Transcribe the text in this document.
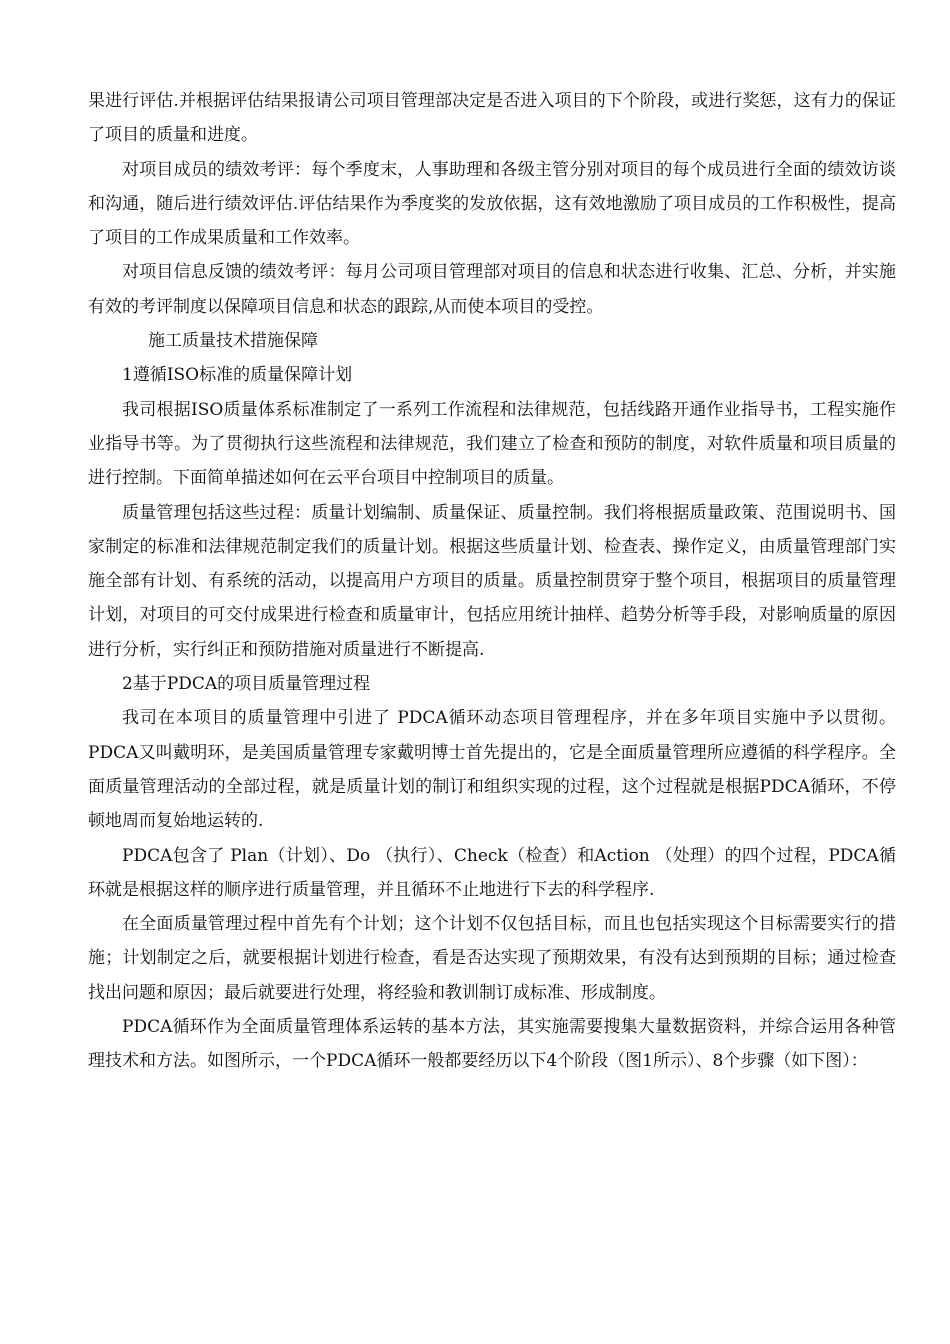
果进行评估.并根据评估结果报请公司项目管理部决定是否进入项目的下个阶段，或进行奖惩，这有力的保证了项目的质量和进度。

对项目成员的绩效考评：每个季度末，人事助理和各级主管分别对项目的每个成员进行全面的绩效访谈和沟通，随后进行绩效评估.评估结果作为季度奖的发放依据，这有效地激励了项目成员的工作积极性，提高了项目的工作成果质量和工作效率。

对项目信息反馈的绩效考评：每月公司项目管理部对项目的信息和状态进行收集、汇总、分析，并实施有效的考评制度以保障项目信息和状态的跟踪,从而使本项目的受控。

施工质量技术措施保障

1遵循ISO标准的质量保障计划

我司根据ISO质量体系标准制定了一系列工作流程和法律规范，包括线路开通作业指导书，工程实施作业指导书等。为了贯彻执行这些流程和法律规范，我们建立了检查和预防的制度，对软件质量和项目质量的进行控制。下面简单描述如何在云平台项目中控制项目的质量。

质量管理包括这些过程：质量计划编制、质量保证、质量控制。我们将根据质量政策、范围说明书、国家制定的标准和法律规范制定我们的质量计划。根据这些质量计划、检查表、操作定义，由质量管理部门实施全部有计划、有系统的活动，以提高用户方项目的质量。质量控制贯穿于整个项目，根据项目的质量管理计划，对项目的可交付成果进行检查和质量审计，包括应用统计抽样、趋势分析等手段，对影响质量的原因进行分析，实行纠正和预防措施对质量进行不断提高.

2基于PDCA的项目质量管理过程

我司在本项目的质量管理中引进了 PDCA循环动态项目管理程序，并在多年项目实施中予以贯彻。PDCA又叫戴明环，是美国质量管理专家戴明博士首先提出的，它是全面质量管理所应遵循的科学程序。全面质量管理活动的全部过程，就是质量计划的制订和组织实现的过程，这个过程就是根据PDCA循环，不停顿地周而复始地运转的.

PDCA包含了 Plan（计划）、Do （执行）、Check（检查）和Action （处理）的四个过程，PDCA循环就是根据这样的顺序进行质量管理，并且循环不止地进行下去的科学程序.

在全面质量管理过程中首先有个计划；这个计划不仅包括目标，而且也包括实现这个目标需要实行的措施；计划制定之后，就要根据计划进行检查，看是否达实现了预期效果，有没有达到预期的目标；通过检查找出问题和原因；最后就要进行处理，将经验和教训制订成标准、形成制度。

PDCA循环作为全面质量管理体系运转的基本方法，其实施需要搜集大量数据资料，并综合运用各种管理技术和方法。如图所示，一个PDCA循环一般都要经历以下4个阶段（图1所示）、8个步骤（如下图）：
